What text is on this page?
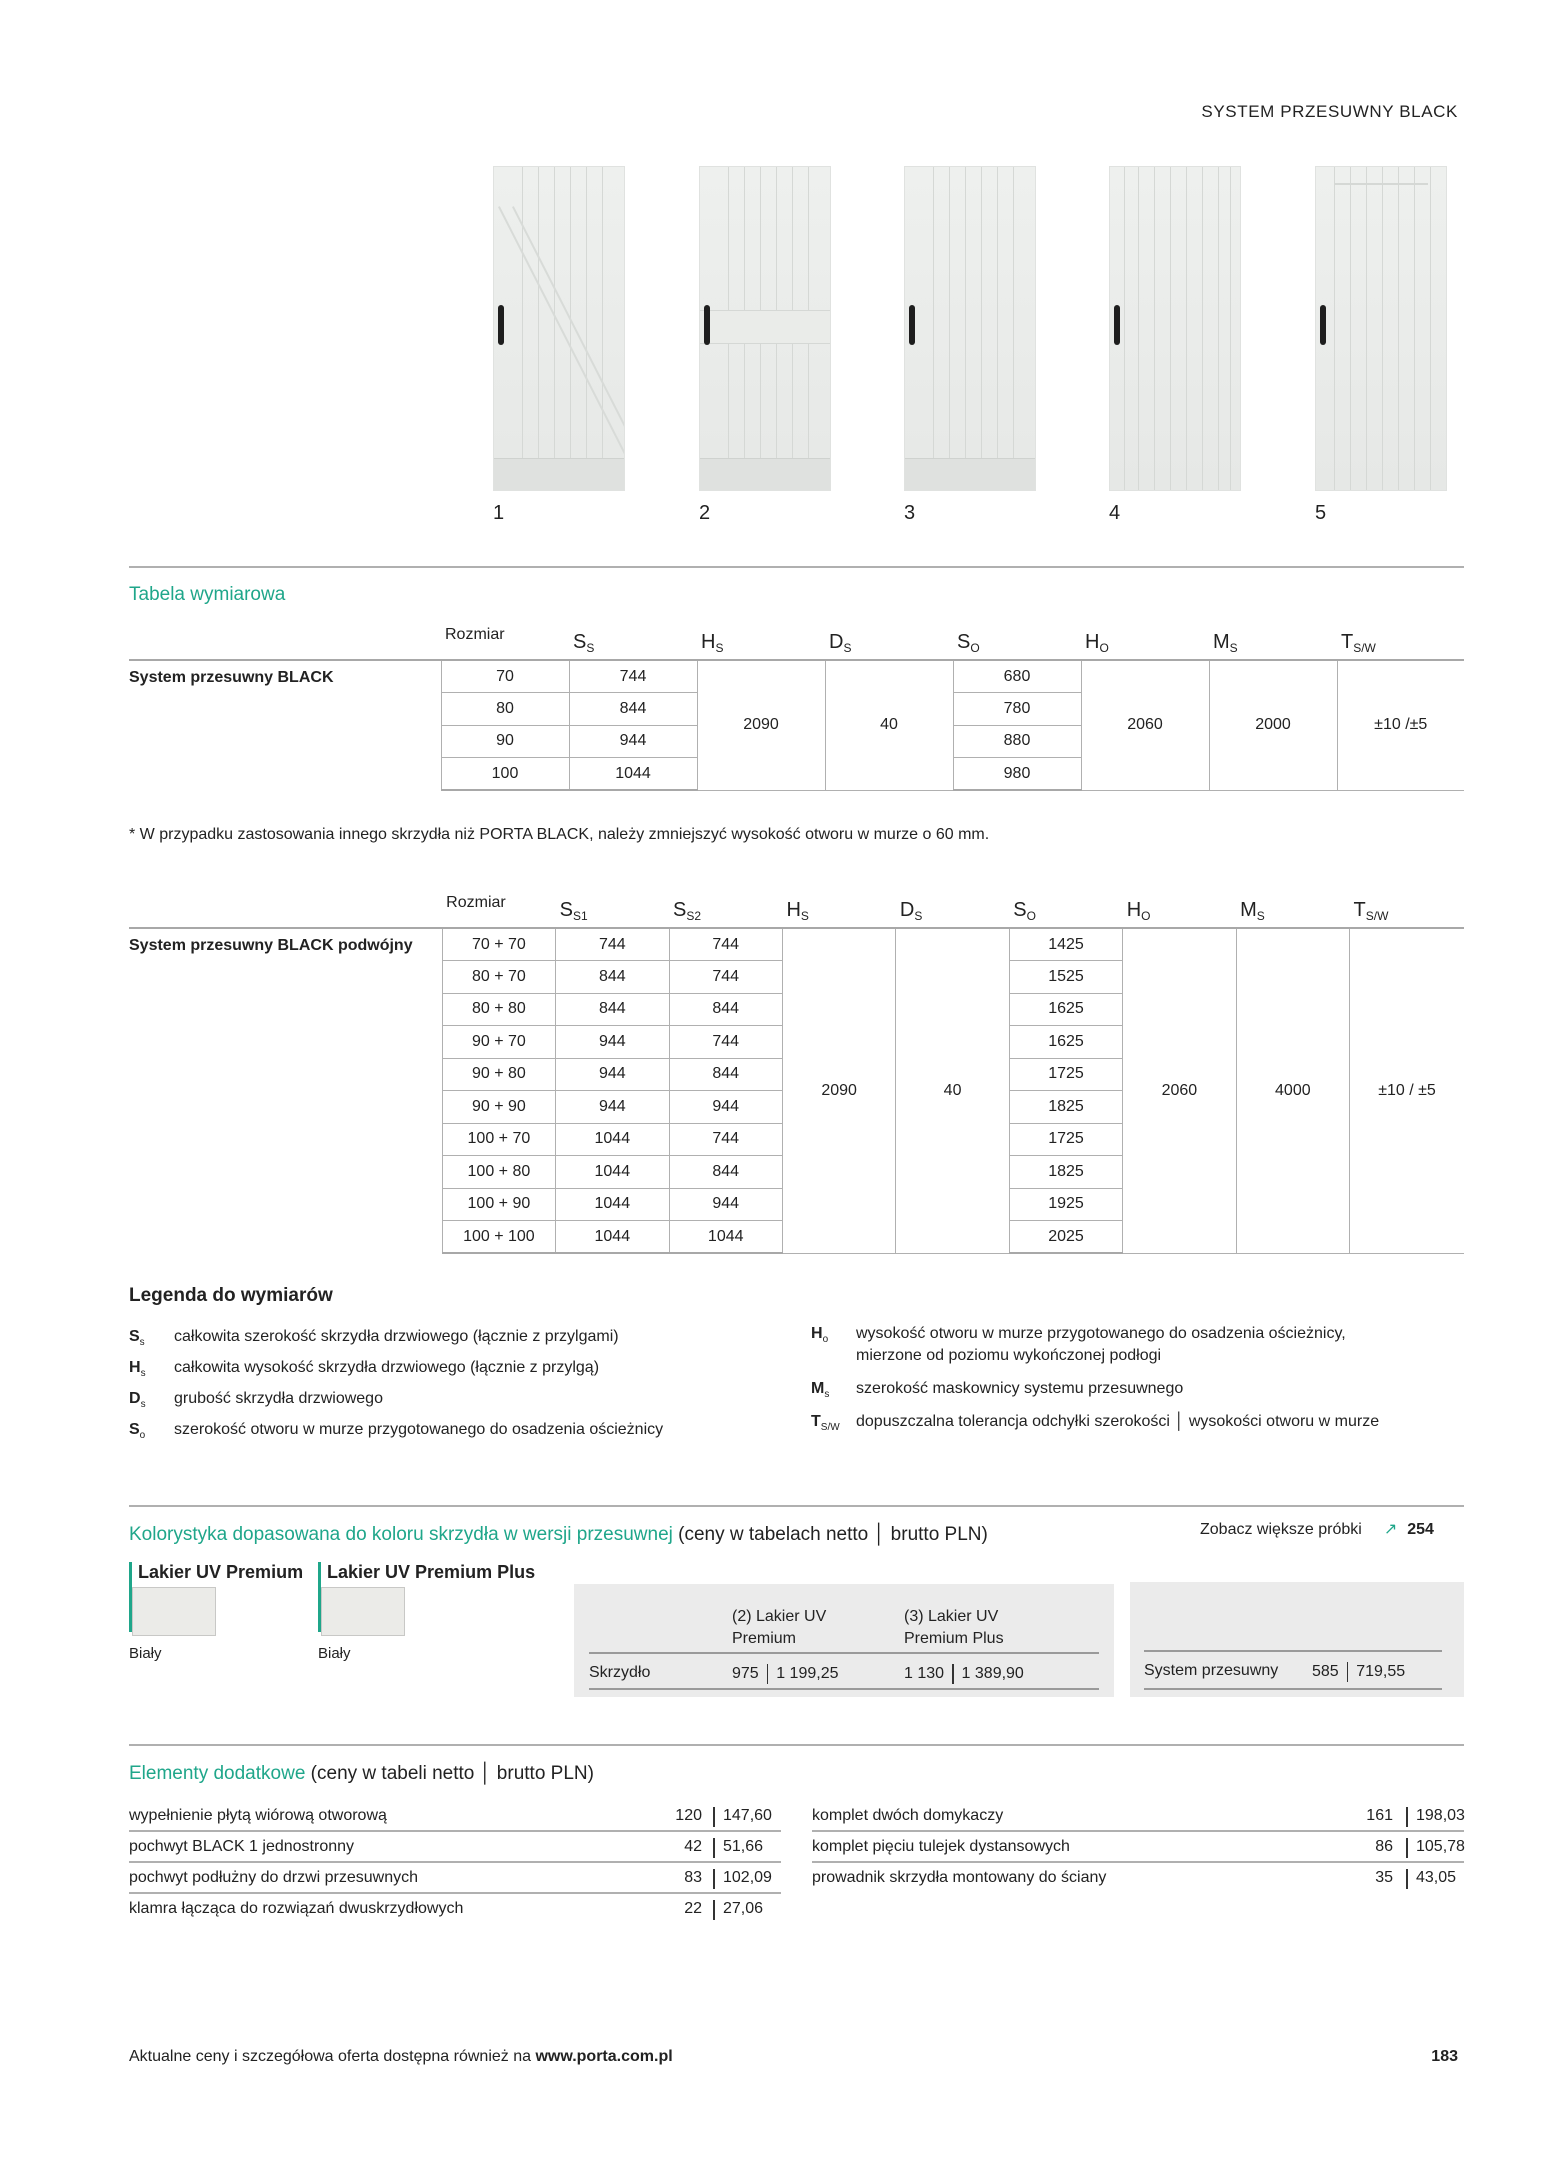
SYSTEM PRZESUWNY BLACK
1	2	3	4	5
Tabela wymiarowa
	Rozmiar	$S_S$	$H_S$	$D_S$	$S_O$	$H_O$	$M_S$	$T_{S/W}$
System przesuwny BLACK	70	744	2090	40	680	2060	2000	±10 /±5
	80	844			780			
	90	944			880			
	100	1044			980			
* W przypadku zastosowania innego skrzydła niż PORTA BLACK, należy zmniejszyć wysokość otworu w murze o 60 mm.
	Rozmiar	$S_{S1}$	$S_{S2}$	$H_S$	$D_S$	$S_O$	$H_O$	$M_S$	$T_{S/W}$
System przesuwny BLACK podwójny	70 + 70	744	744	2090	40	1425	2060	4000	±10 / ±5
	80 + 70	844	744			1525			
	80 + 80	844	844			1625			
	90 + 70	944	744			1625			
	90 + 80	944	844			1725			
	90 + 90	944	944			1825			
	100 + 70	1044	744			1725			
	100 + 80	1044	844			1825			
	100 + 90	1044	944			1925			
	100 + 100	1044	1044			2025			
Legenda do wymiarów
$S_s$ całkowita szerokość skrzydła drzwiowego (łącznie z przylgami)
$H_s$ całkowita wysokość skrzydła drzwiowego (łącznie z przylgą)
$D_s$ grubość skrzydła drzwiowego
$S_o$ szerokość otworu w murze przygotowanego do osadzenia ościeżnicy
$H_o$ wysokość otworu w murze przygotowanego do osadzenia ościeżnicy,
mierzone od poziomu wykończonej podłogi
$M_s$ szerokość maskownicy systemu przesuwnego
$T_{S/W}$ dopuszczalna tolerancja odchyłki szerokości │ wysokości otworu w murze
Kolorystyka dopasowana do koloru skrzydła w wersji przesuwnej (ceny w tabelach netto │ brutto PLN)	Zobacz większe próbki ↗ 254
Lakier UV Premium
Biały
Lakier UV Premium Plus
Biały
(2) Lakier UV
Premium
(3) Lakier UV
Premium Plus
Skrzydło	975 1 199,25	1 130 1 389,90	System przesuwny 585 719,55
Elementy dodatkowe (ceny w tabeli netto │ brutto PLN)
wypełnienie płytą wiórową otworową	120 147,60
pochwyt BLACK 1 jednostronny	42 51,66
pochwyt podłużny do drzwi przesuwnych	83 102,09
klamra łącząca do rozwiązań dwuskrzydłowych	22 27,06
komplet dwóch domykaczy	161 198,03
komplet pięciu tulejek dystansowych	86 105,78
prowadnik skrzydła montowany do ściany	35 43,05
Aktualne ceny i szczegółowa oferta dostępna również na www.porta.com.pl	183
